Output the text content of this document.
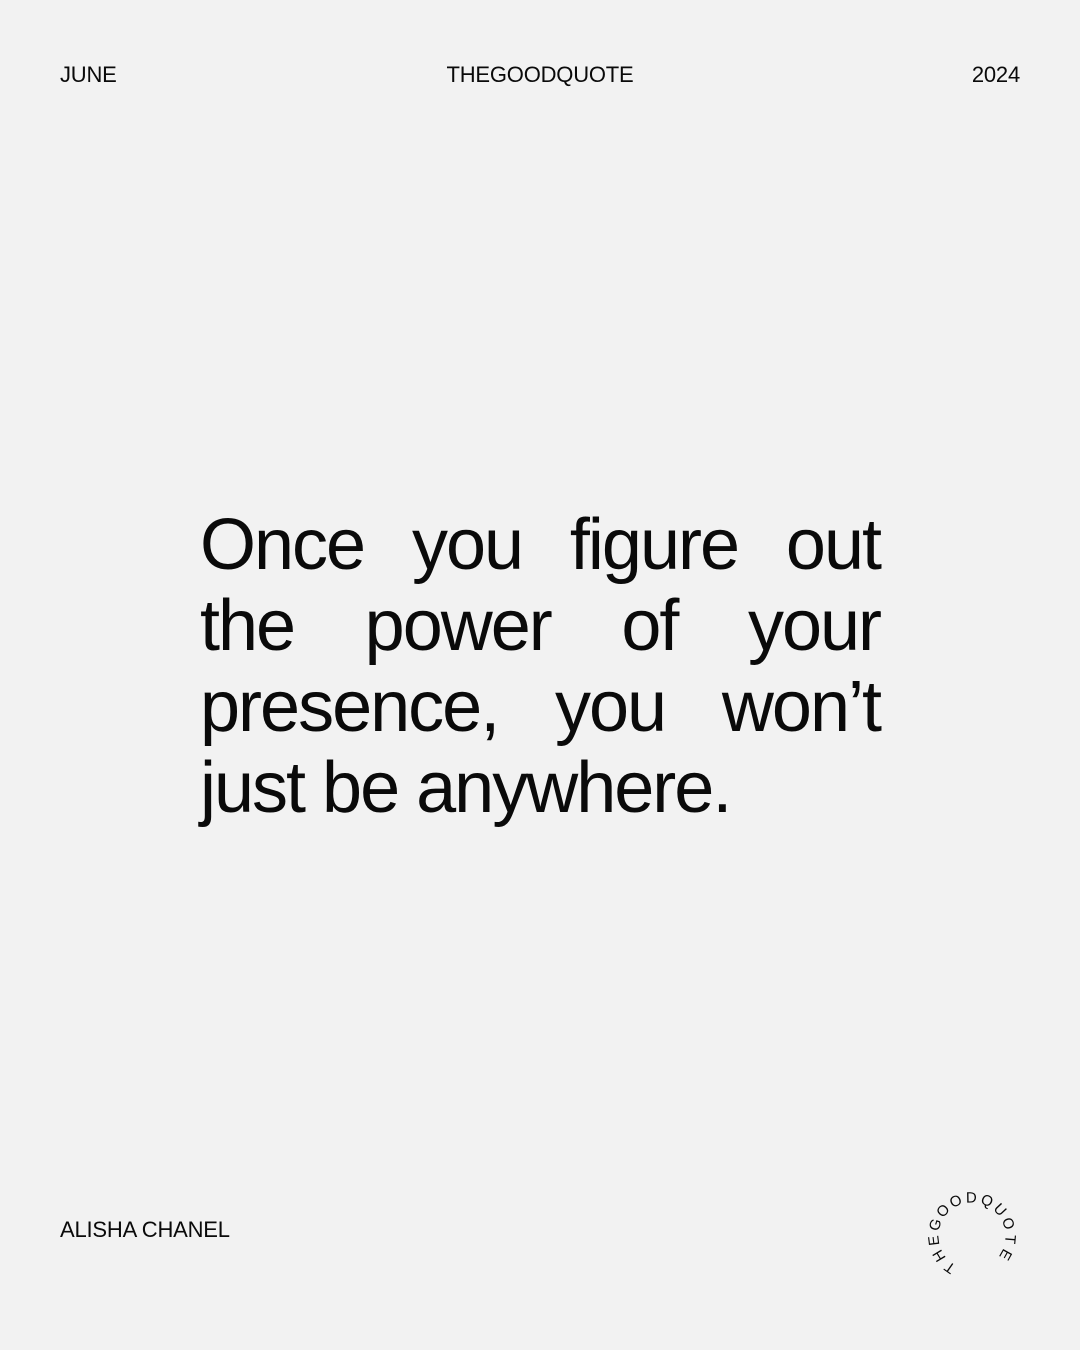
JUNE	THEGOODQUOTE	2024

Once you figure out the power of your presence, you won’t just be anywhere.

ALISHA CHANEL
T
H
E
G
O
O D Q
U
O
T
E
